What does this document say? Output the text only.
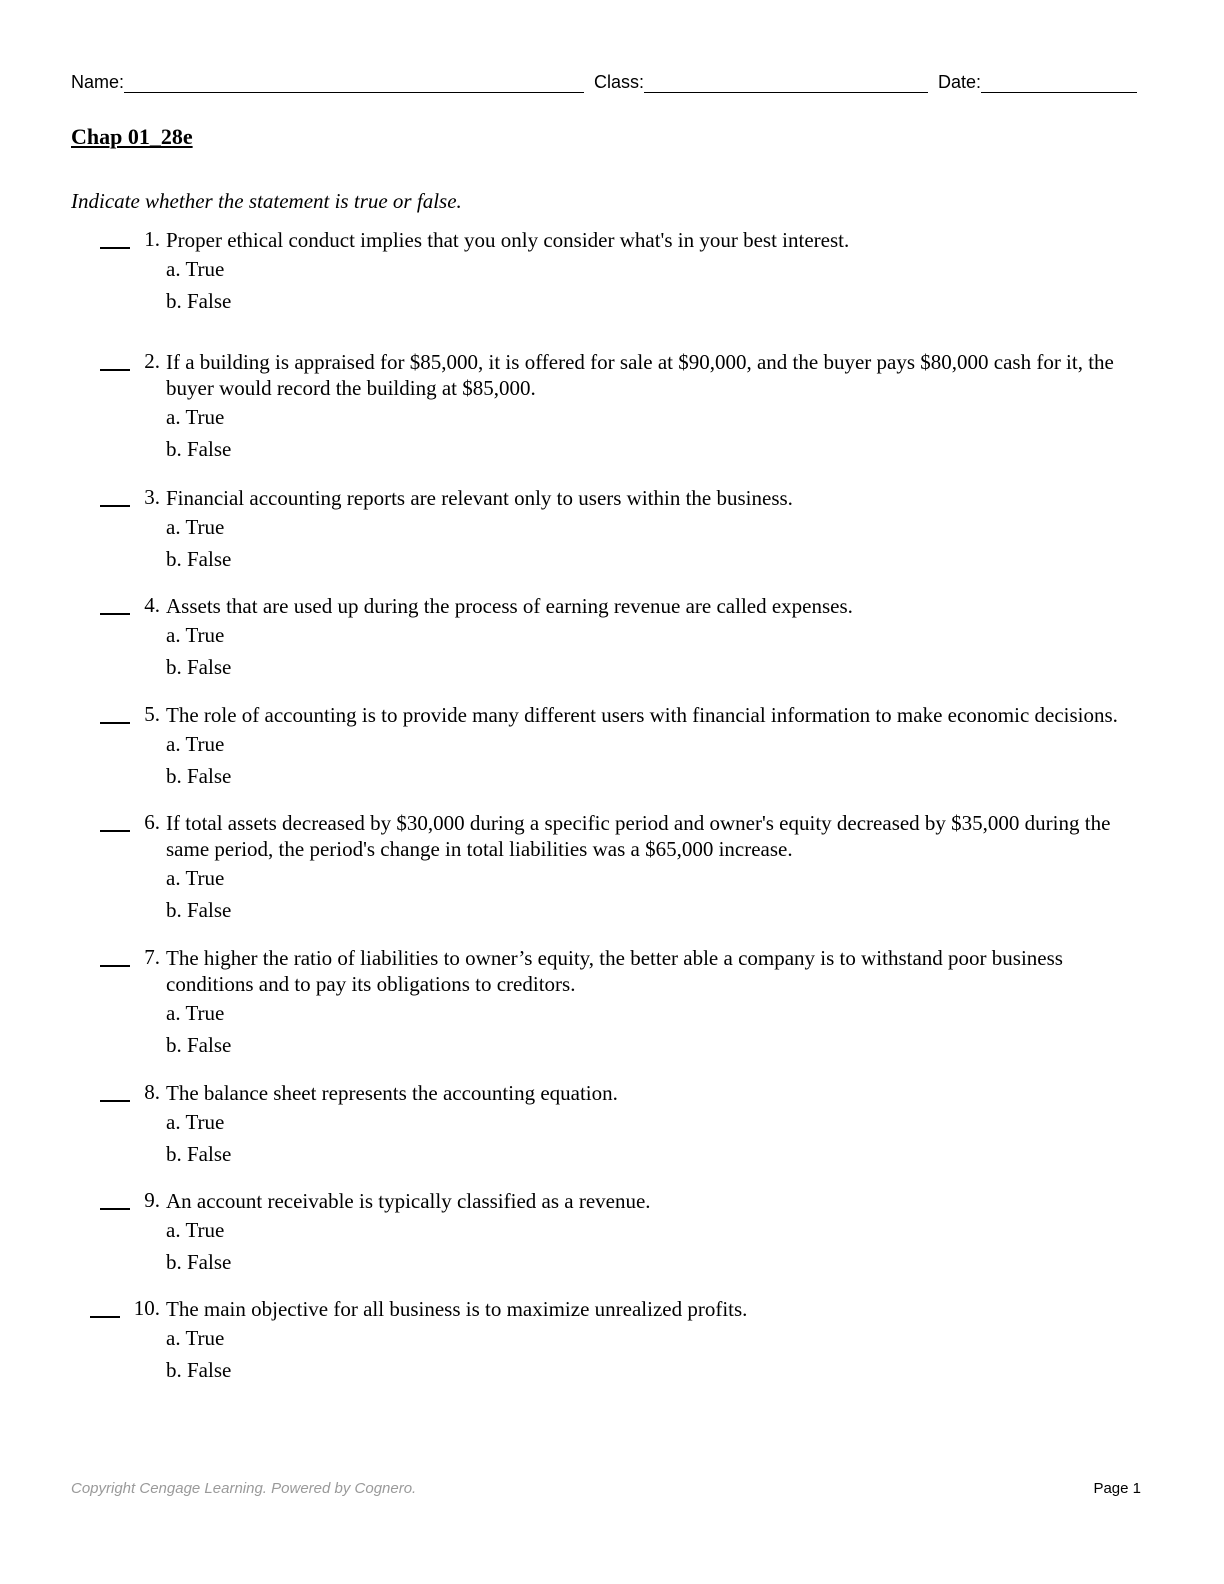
Name:	Class:	Date:
Chap 01_28e
Indicate whether the statement is true or false.
1. Proper ethical conduct implies that you only consider what's in your best interest.
a. True
b. False
2. If a building is appraised for $85,000, it is offered for sale at $90,000, and the buyer pays $80,000 cash for it, the buyer would record the building at $85,000.
a. True
b. False
3. Financial accounting reports are relevant only to users within the business.
a. True
b. False
4. Assets that are used up during the process of earning revenue are called expenses.
a. True
b. False
5. The role of accounting is to provide many different users with financial information to make economic decisions.
a. True
b. False
6. If total assets decreased by $30,000 during a specific period and owner's equity decreased by $35,000 during the same period, the period's change in total liabilities was a $65,000 increase.
a. True
b. False
7. The higher the ratio of liabilities to owner’s equity, the better able a company is to withstand poor business conditions and to pay its obligations to creditors.
a. True
b. False
8. The balance sheet represents the accounting equation.
a. True
b. False
9. An account receivable is typically classified as a revenue.
a. True
b. False
10. The main objective for all business is to maximize unrealized profits.
a. True
b. False
Copyright Cengage Learning. Powered by Cognero.	Page 1
